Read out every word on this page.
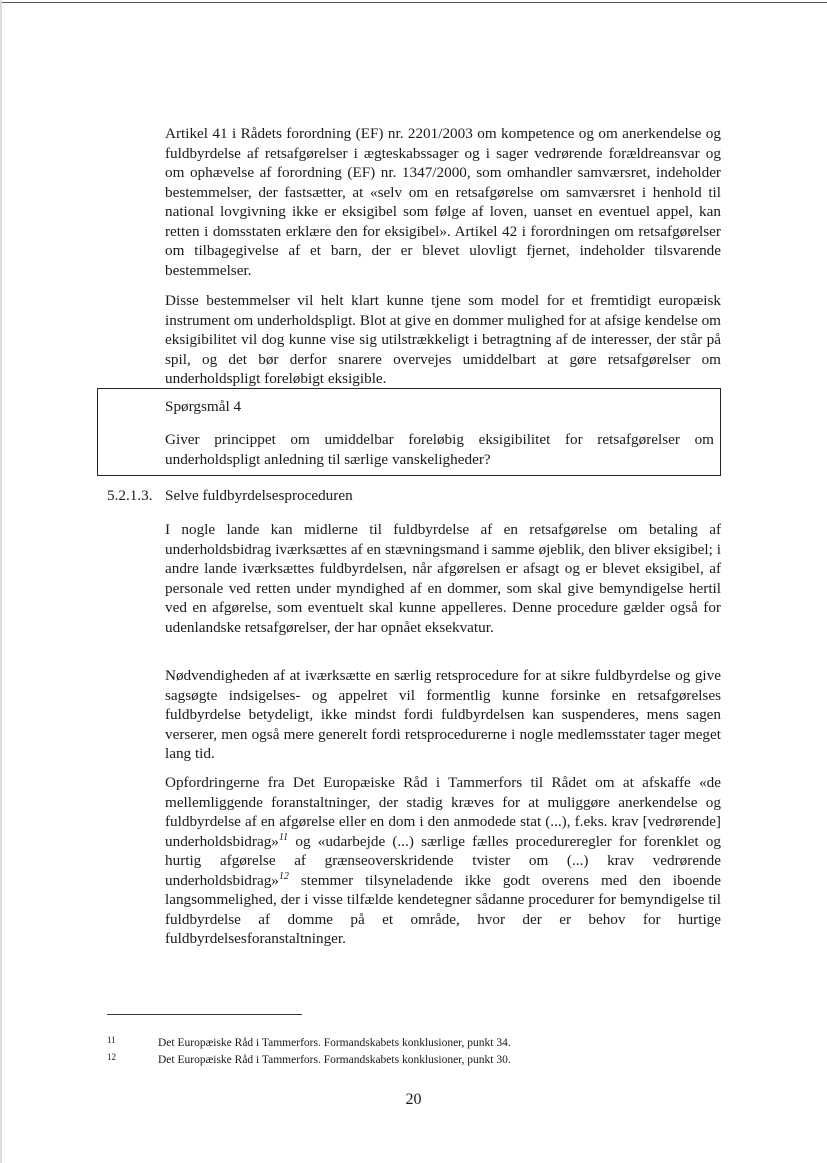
Artikel 41 i Rådets forordning (EF) nr. 2201/2003 om kompetence og om anerkendelse og fuldbyrdelse af retsafgørelser i ægteskabssager og i sager vedrørende forældreansvar og om ophævelse af forordning (EF) nr. 1347/2000, som omhandler samværsret, indeholder bestemmelser, der fastsætter, at «selv om en retsafgørelse om samværsret i henhold til national lovgivning ikke er eksigibel som følge af loven, uanset en eventuel appel, kan retten i domsstaten erklære den for eksigibel». Artikel 42 i forordningen om retsafgørelser om tilbagegivelse af et barn, der er blevet ulovligt fjernet, indeholder tilsvarende bestemmelser.

Disse bestemmelser vil helt klart kunne tjene som model for et fremtidigt europæisk instrument om underholdspligt. Blot at give en dommer mulighed for at afsige kendelse om eksigibilitet vil dog kunne vise sig utilstrækkeligt i betragtning af de interesser, der står på spil, og det bør derfor snarere overvejes umiddelbart at gøre retsafgørelser om underholdspligt foreløbigt eksigible.

I nogle lande kan midlerne til fuldbyrdelse af en retsafgørelse om betaling af underholdsbidrag iværksættes af en stævningsmand i samme øjeblik, den bliver eksigibel; i andre lande iværksættes fuldbyrdelsen, når afgørelsen er afsagt og er blevet eksigibel, af personale ved retten under myndighed af en dommer, som skal give bemyndigelse hertil ved en afgørelse, som eventuelt skal kunne appelleres. Denne procedure gælder også for udenlandske retsafgørelser, der har opnået eksekvatur.

Nødvendigheden af at iværksætte en særlig retsprocedure for at sikre fuldbyrdelse og give sagsøgte indsigelses- og appelret vil formentlig kunne forsinke en retsafgørelses fuldbyrdelse betydeligt, ikke mindst fordi fuldbyrdelsen kan suspenderes, mens sagen verserer, men også mere generelt fordi retsprocedurerne i nogle medlemsstater tager meget lang tid.

Opfordringerne fra Det Europæiske Råd i Tammerfors til Rådet om at afskaffe «de mellemliggende foranstaltninger, der stadig kræves for at muliggøre anerkendelse og fuldbyrdelse af en afgørelse eller en dom i den anmodede stat (...), f.eks. krav [vedrørende] underholdsbidrag»$^{11}$ og «udarbejde (...) særlige fælles procedureregler for forenklet og hurtig afgørelse af grænseoverskridende tvister om (...) krav vedrørende underholdsbidrag»$^{12}$ stemmer tilsyneladende ikke godt overens med den iboende langsommelighed, der i visse tilfælde kendetegner sådanne procedurer for bemyndigelse til fuldbyrdelse af domme på et område, hvor der er behov for hurtige fuldbyrdelsesforanstaltninger.

Spørgsmål 4
Giver princippet om umiddelbar foreløbig eksigibilitet for retsafgørelser om underholdspligt anledning til særlige vanskeligheder?
5.2.1.3. Selve fuldbyrdelsesproceduren
11	Det Europæiske Råd i Tammerfors. Formandskabets konklusioner, punkt 34.
12	Det Europæiske Råd i Tammerfors. Formandskabets konklusioner, punkt 30.
20
